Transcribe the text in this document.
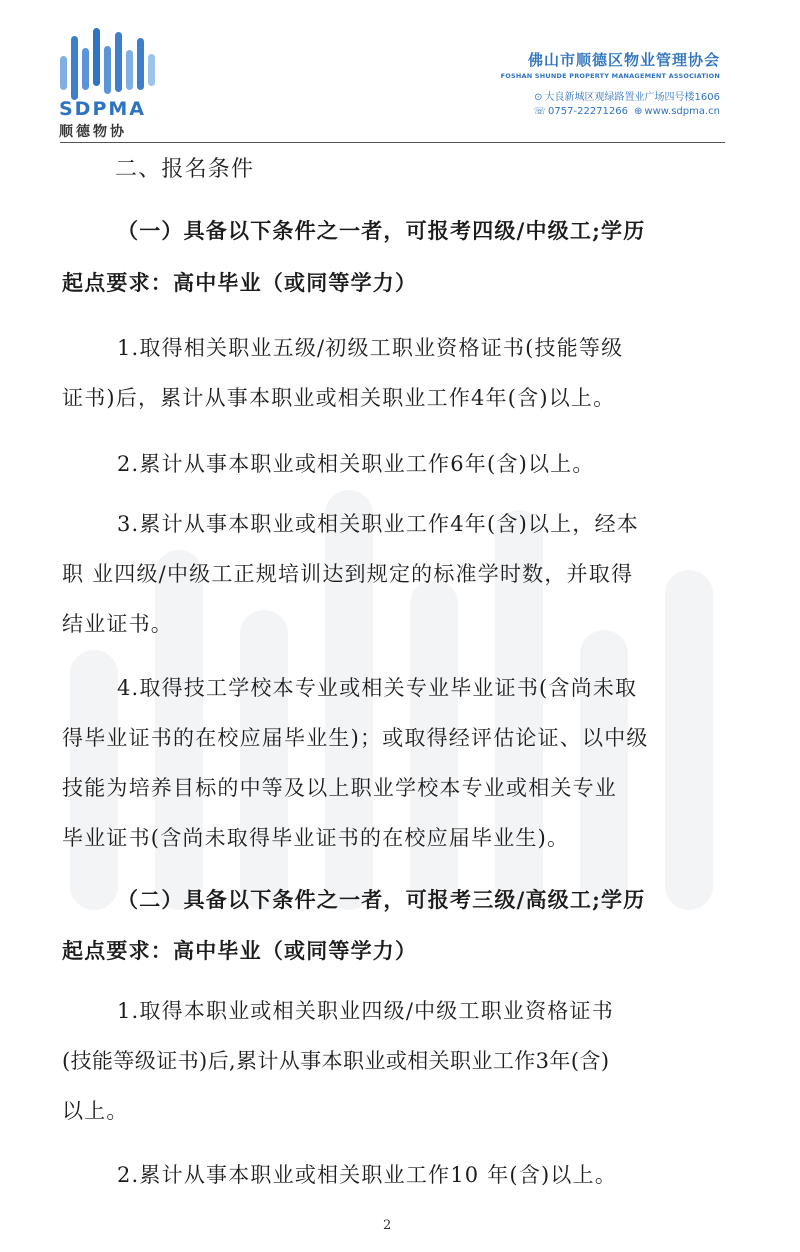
SDPMA
顺德物协
佛山市顺德区物业管理协会
FOSHAN SHUNDE PROPERTY MANAGEMENT ASSOCIATION
⊙ 大良新城区观绿路置业广场四号楼1606
☏ 0757-22271266 ⊕ www.sdpma.cn
二、报名条件
（一）具备以下条件之一者，可报考四级/中级工;学历
起点要求：高中毕业（或同等学力）
1.取得相关职业五级/初级工职业资格证书(技能等级
证书)后，累计从事本职业或相关职业工作4年(含)以上。
2.累计从事本职业或相关职业工作6年(含)以上。
3.累计从事本职业或相关职业工作4年(含)以上，经本
职 业四级/中级工正规培训达到规定的标准学时数，并取得
结业证书。
4.取得技工学校本专业或相关专业毕业证书(含尚未取
得毕业证书的在校应届毕业生)；或取得经评估论证、以中级
技能为培养目标的中等及以上职业学校本专业或相关专业
毕业证书(含尚未取得毕业证书的在校应届毕业生)。
（二）具备以下条件之一者，可报考三级/高级工;学历
起点要求：高中毕业（或同等学力）
1.取得本职业或相关职业四级/中级工职业资格证书
(技能等级证书)后,累计从事本职业或相关职业工作3年(含)
以上。
2.累计从事本职业或相关职业工作10 年(含)以上。
2
